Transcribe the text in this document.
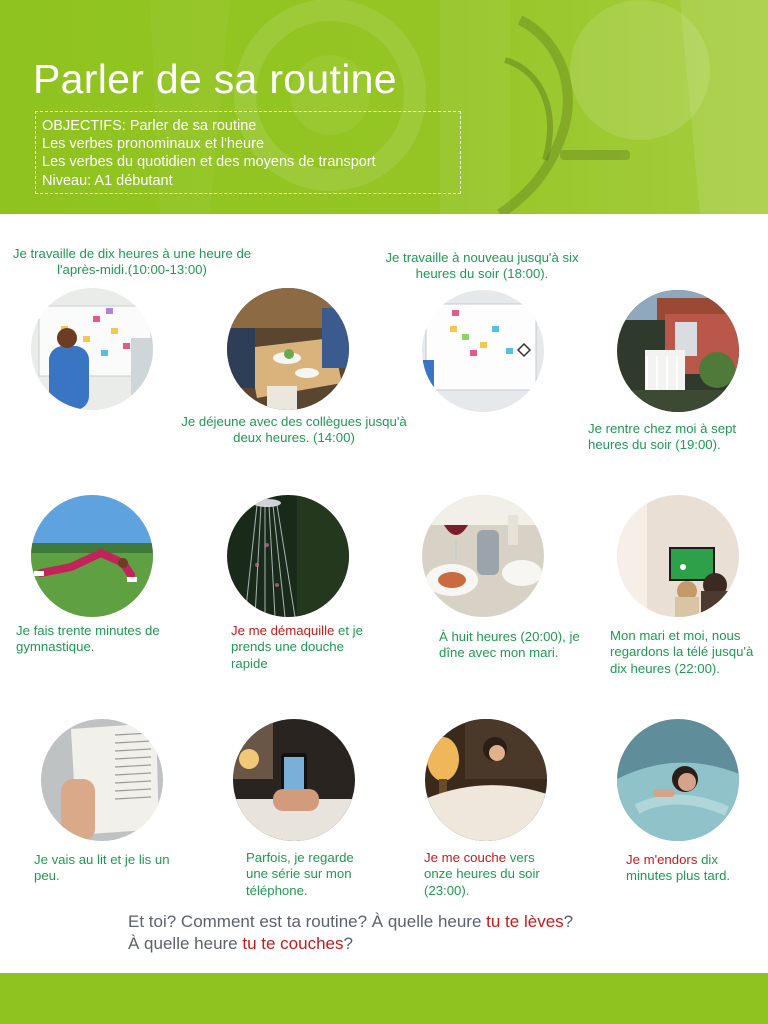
Parler de sa routine
OBJECTIFS: Parler de sa routine
Les verbes pronominaux et l'heure
Les verbes du quotidien et des moyens de transport
Niveau: A1 débutant
Je travaille de dix heures à une heure de l'après-midi.(10:00-13:00)
Je déjeune avec des collègues jusqu'à deux heures. (14:00)
Je travaille à nouveau jusqu'à six heures du soir (18:00).
Je rentre chez moi à sept heures du soir (19:00).
Je fais trente minutes de gymnastique.
Je me démaquille et je prends une douche rapide
À huit heures (20:00), je dîne avec mon mari.
Mon mari et moi, nous regardons la télé jusqu'à dix heures (22:00).
Je vais au lit et je lis un peu.
Parfois, je regarde une série sur mon téléphone.
Je me couche vers onze heures du soir (23:00).
Je m'endors dix minutes plus tard.
Et toi? Comment est ta routine? À quelle heure tu te lèves?
À quelle heure tu te couches?
